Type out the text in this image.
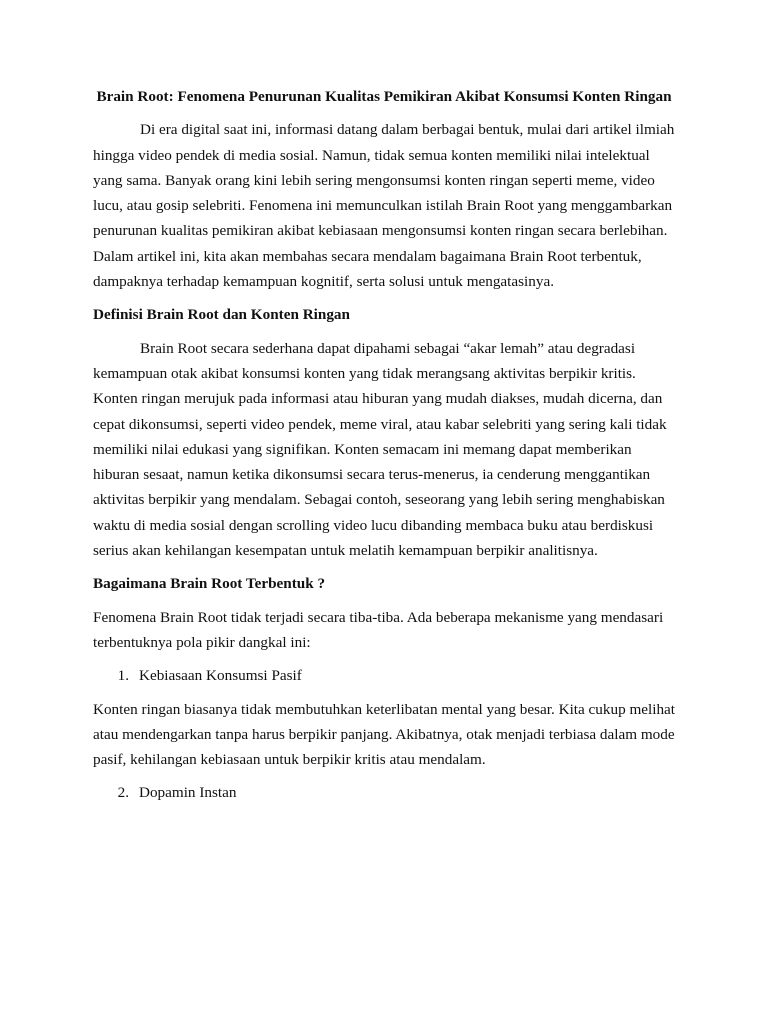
Brain Root: Fenomena Penurunan Kualitas Pemikiran Akibat Konsumsi Konten Ringan

Di era digital saat ini, informasi datang dalam berbagai bentuk, mulai dari artikel ilmiah hingga video pendek di media sosial. Namun, tidak semua konten memiliki nilai intelektual yang sama. Banyak orang kini lebih sering mengonsumsi konten ringan seperti meme, video lucu, atau gosip selebriti. Fenomena ini memunculkan istilah Brain Root yang menggambarkan penurunan kualitas pemikiran akibat kebiasaan mengonsumsi konten ringan secara berlebihan. Dalam artikel ini, kita akan membahas secara mendalam bagaimana Brain Root terbentuk, dampaknya terhadap kemampuan kognitif, serta solusi untuk mengatasinya.

Definisi Brain Root dan Konten Ringan

Brain Root secara sederhana dapat dipahami sebagai “akar lemah” atau degradasi kemampuan otak akibat konsumsi konten yang tidak merangsang aktivitas berpikir kritis. Konten ringan merujuk pada informasi atau hiburan yang mudah diakses, mudah dicerna, dan cepat dikonsumsi, seperti video pendek, meme viral, atau kabar selebriti yang sering kali tidak memiliki nilai edukasi yang signifikan. Konten semacam ini memang dapat memberikan hiburan sesaat, namun ketika dikonsumsi secara terus-menerus, ia cenderung menggantikan aktivitas berpikir yang mendalam. Sebagai contoh, seseorang yang lebih sering menghabiskan waktu di media sosial dengan scrolling video lucu dibanding membaca buku atau berdiskusi serius akan kehilangan kesempatan untuk melatih kemampuan berpikir analitisnya.

Bagaimana Brain Root Terbentuk ?

Fenomena Brain Root tidak terjadi secara tiba-tiba. Ada beberapa mekanisme yang mendasari terbentuknya pola pikir dangkal ini:

1. Kebiasaan Konsumsi Pasif

Konten ringan biasanya tidak membutuhkan keterlibatan mental yang besar. Kita cukup melihat atau mendengarkan tanpa harus berpikir panjang. Akibatnya, otak menjadi terbiasa dalam mode pasif, kehilangan kebiasaan untuk berpikir kritis atau mendalam.

2. Dopamin Instan
